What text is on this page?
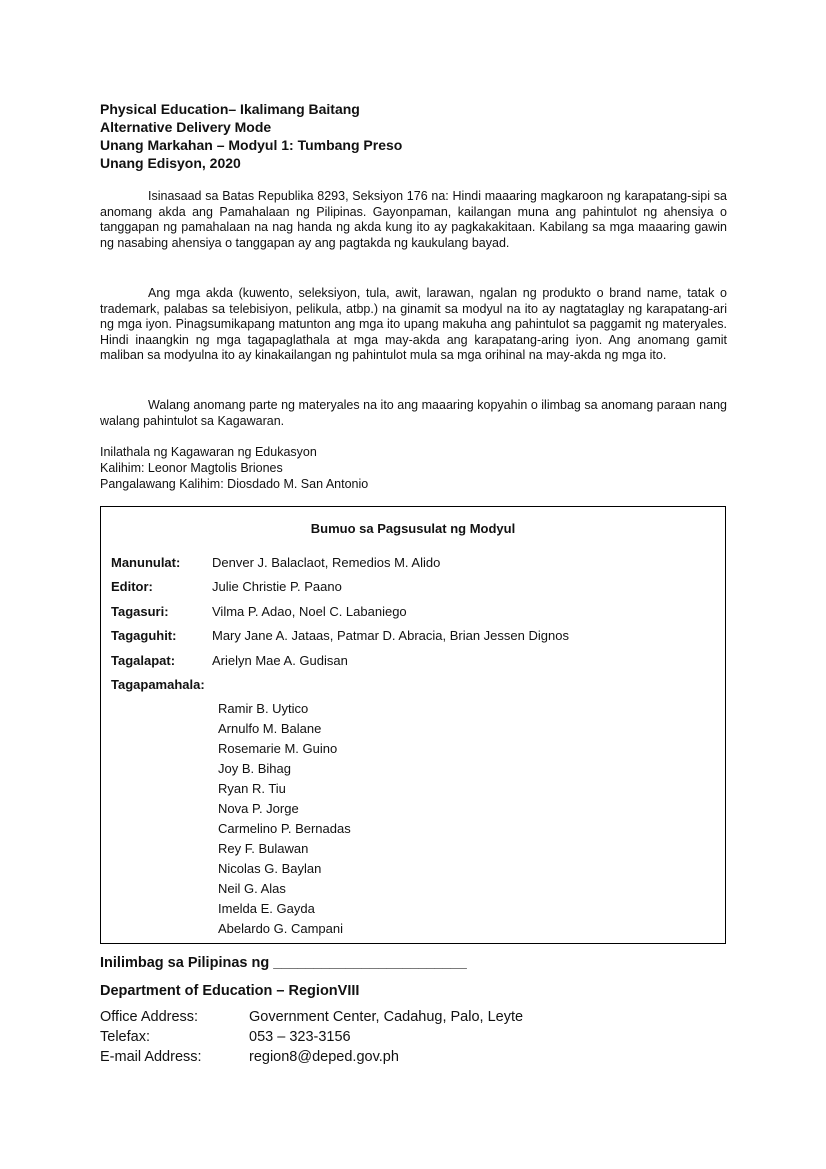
Physical Education– Ikalimang Baitang
Alternative Delivery Mode
Unang Markahan – Modyul 1: Tumbang Preso
Unang Edisyon, 2020
Isinasaad sa Batas Republika 8293, Seksiyon 176 na: Hindi maaaring magkaroon ng karapatang-sipi sa anomang akda ang Pamahalaan ng Pilipinas. Gayonpaman, kailangan muna ang pahintulot ng ahensiya o tanggapan ng pamahalaan na nag handa ng akda kung ito ay pagkakakitaan. Kabilang sa mga maaaring gawin ng nasabing ahensiya o tanggapan ay ang pagtakda ng kaukulang bayad.
Ang mga akda (kuwento, seleksiyon, tula, awit, larawan, ngalan ng produkto o brand name, tatak o trademark, palabas sa telebisiyon, pelikula, atbp.) na ginamit sa modyul na ito ay nagtataglay ng karapatang-ari ng mga iyon. Pinagsumikapang matunton ang mga ito upang makuha ang pahintulot sa paggamit ng materyales. Hindi inaangkin ng mga tagapaglathala at mga may-akda ang karapatang-aring iyon. Ang anomang gamit maliban sa modyulna ito ay kinakailangan ng pahintulot mula sa mga orihinal na may-akda ng mga ito.
Walang anomang parte ng materyales na ito ang maaaring kopyahin o ilimbag sa anomang paraan nang walang pahintulot sa Kagawaran.
Inilathala ng Kagawaran ng Edukasyon
Kalihim: Leonor Magtolis Briones
Pangalawang Kalihim: Diosdado M. San Antonio
Bumuo sa Pagsusulat ng Modyul
Manunulat:	Denver J. Balaclaot, Remedios M. Alido
Editor:	Julie Christie P. Paano
Tagasuri:	Vilma P. Adao, Noel C. Labaniego
Tagaguhit:	Mary Jane A. Jataas, Patmar D. Abracia, Brian Jessen Dignos
Tagalapat:	Arielyn Mae A. Gudisan
Tagapamahala:
Ramir B. Uytico
Arnulfo M. Balane
Rosemarie M. Guino
Joy B. Bihag
Ryan R. Tiu
Nova P. Jorge
Carmelino P. Bernadas
Rey F. Bulawan
Nicolas G. Baylan
Neil G. Alas
Imelda E. Gayda
Abelardo G. Campani
Inilimbag sa Pilipinas ng ________________________
Department of Education – RegionVIII
Office Address:	Government Center, Cadahug, Palo, Leyte
Telefax:	053 – 323-3156
E-mail Address:	region8@deped.gov.ph
